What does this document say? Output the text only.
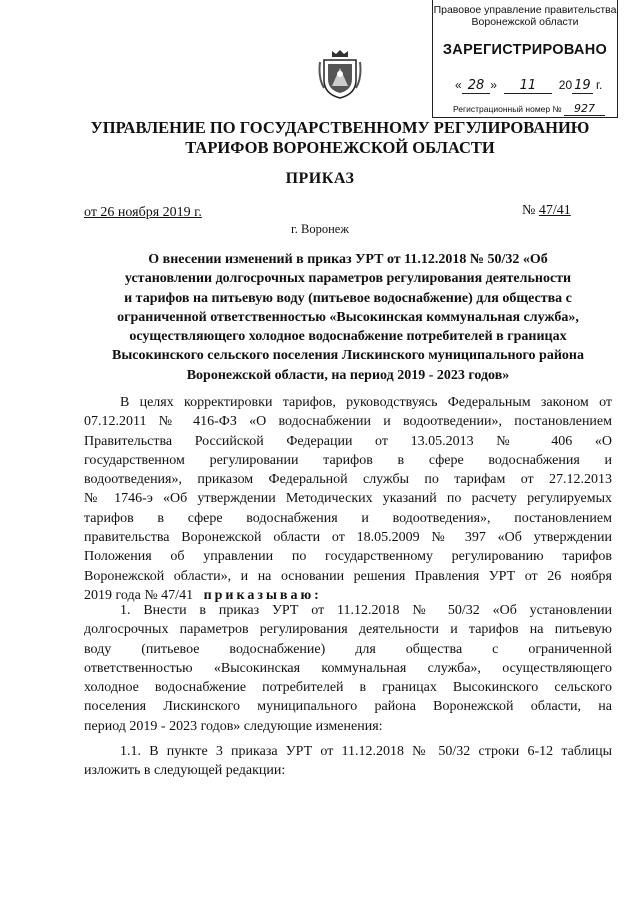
Правовое управление правительства
Воронежской области
ЗАРЕГИСТРИРОВАНО
« 28 »  11 20 19 г.
Регистрационный номер № 927
УПРАВЛЕНИЕ ПО ГОСУДАРСТВЕННОМУ РЕГУЛИРОВАНИЮ
ТАРИФОВ ВОРОНЕЖСКОЙ ОБЛАСТИ
ПРИКАЗ
от 26 ноября 2019 г.	№ 47/41
г. Воронеж
О внесении изменений в приказ УРТ от 11.12.2018 № 50/32 «Об
установлении долгосрочных параметров регулирования деятельности
и тарифов на питьевую воду (питьевое водоснабжение) для общества с
ограниченной ответственностью «Высокинская коммунальная служба»,
осуществляющего холодное водоснабжение потребителей в границах
Высокинского сельского поселения Лискинского муниципального района
Воронежской области, на период 2019 - 2023 годов»
В целях корректировки тарифов, руководствуясь Федеральным законом от
07.12.2011 № 416-ФЗ «О водоснабжении и водоотведении», постановлением
Правительства Российской Федерации от 13.05.2013 № 406 «О
государственном регулировании тарифов в сфере водоснабжения и
водоотведения», приказом Федеральной службы по тарифам от 27.12.2013
№ 1746-э «Об утверждении Методических указаний по расчету регулируемых
тарифов в сфере водоснабжения и водоотведения», постановлением
правительства Воронежской области от 18.05.2009 № 397 «Об утверждении
Положения об управлении по государственному регулированию тарифов
Воронежской области», и на основании решения Правления УРТ от 26 ноября
2019 года № 47/41 приказываю:
1. Внести в приказ УРТ от 11.12.2018 № 50/32 «Об установлении
долгосрочных параметров регулирования деятельности и тарифов на питьевую
воду (питьевое водоснабжение) для общества с ограниченной
ответственностью «Высокинская коммунальная служба», осуществляющего
холодное водоснабжение потребителей в границах Высокинского сельского
поселения Лискинского муниципального района Воронежской области, на
период 2019 - 2023 годов» следующие изменения:
1.1. В пункте 3 приказа УРТ от 11.12.2018 № 50/32 строки 6-12 таблицы
изложить в следующей редакции:
